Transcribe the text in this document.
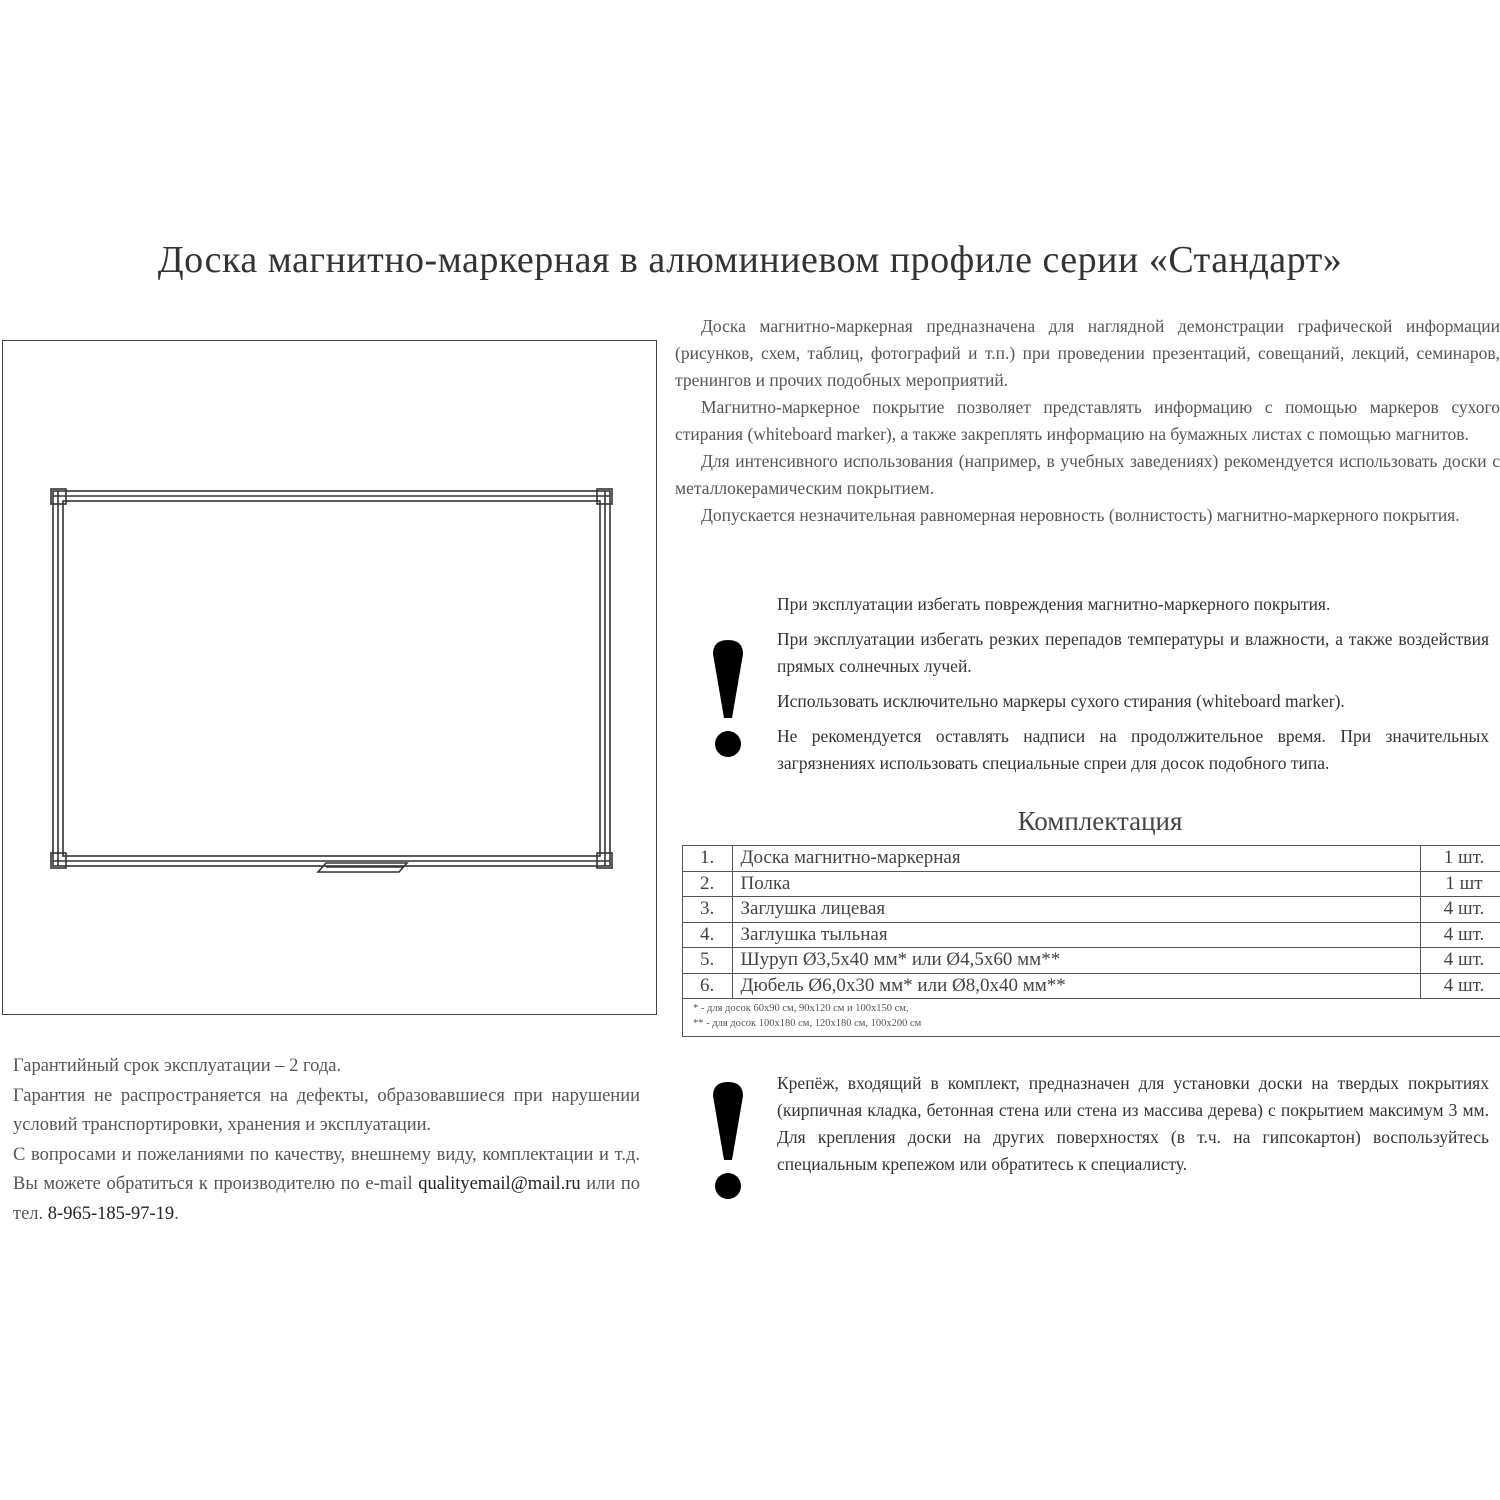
Доска магнитно-маркерная в алюминиевом профиле серии «Стандарт»

Доска магнитно-маркерная предназначена для наглядной демонстрации графической информации (рисунков, схем, таблиц, фотографий и т.п.) при проведении презентаций, совещаний, лекций, семинаров, тренингов и прочих подобных мероприятий.

Магнитно-маркерное покрытие позволяет представлять информацию с помощью маркеров сухого стирания (whiteboard marker), а также закреплять информацию на бумажных листах с помощью магнитов.

Для интенсивного использования (например, в учебных заведениях) рекомендуется использовать доски с металлокерамическим покрытием.

Допускается незначительная равномерная неровность (волнистость) магнитно-маркерного покрытия.

При эксплуатации избегать повреждения магнитно-маркерного покрытия.

При эксплуатации избегать резких перепадов температуры и влажности, а также воздействия прямых солнечных лучей.

Использовать исключительно маркеры сухого стирания (whiteboard marker).

Не рекомендуется оставлять надписи на продолжительное время. При значительных загрязнениях использовать специальные спреи для досок подобного типа.

Комплектация
1.	Доска магнитно-маркерная	1 шт.
2.	Полка	1 шт
3.	Заглушка лицевая	4 шт.
4.	Заглушка тыльная	4 шт.
5.	Шуруп Ø3,5x40 мм* или Ø4,5x60 мм**	4 шт.
6.	Дюбель Ø6,0x30 мм* или Ø8,0x40 мм**	4 шт.
* - для досок 60x90 см, 90x120 см и 100x150 см,
** - для досок 100x180 см, 120x180 см, 100x200 см

Крепёж, входящий в комплект, предназначен для установки доски на твердых покрытиях (кирпичная кладка, бетонная стена или стена из массива дерева) с покрытием максимум 3 мм. Для крепления доски на других поверхностях (в т.ч. на гипсокартон) воспользуйтесь специальным крепежом или обратитесь к специалисту.

Гарантийный срок эксплуатации – 2 года.

Гарантия не распространяется на дефекты, образовавшиеся при нарушении условий транспортировки, хранения и эксплуатации.

С вопросами и пожеланиями по качеству, внешнему виду, комплектации и т.д. Вы можете обратиться к производителю по e-mail qualityemail@mail.ru или по тел. 8-965-185-97-19.
